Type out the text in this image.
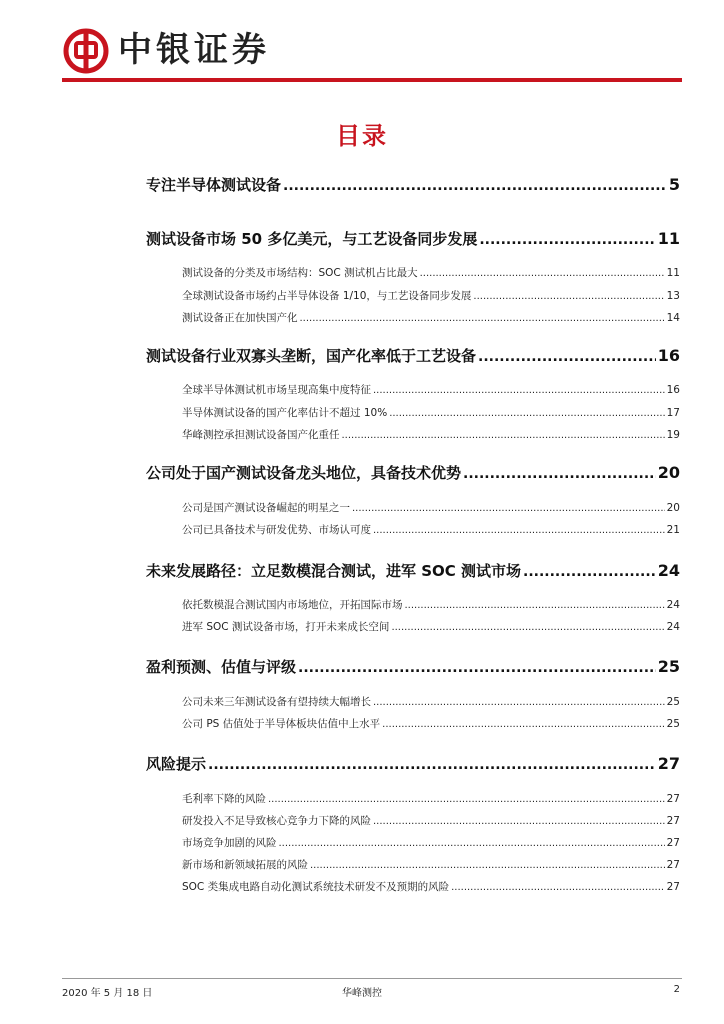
中银证券
目录
专注半导体测试设备 .....	5
测试设备市场 50 多亿美元，与工艺设备同步发展 .....	11
测试设备的分类及市场结构：SOC 测试机占比最大 .....	11
全球测试设备市场约占半导体设备 1/10，与工艺设备同步发展 .....	13
测试设备正在加快国产化 .....	14
测试设备行业双寡头垄断，国产化率低于工艺设备 .....	16
全球半导体测试机市场呈现高集中度特征 .....	16
半导体测试设备的国产化率估计不超过 10% .....	17
华峰测控承担测试设备国产化重任 .....	19
公司处于国产测试设备龙头地位，具备技术优势 .....	20
公司是国产测试设备崛起的明星之一 .....	20
公司已具备技术与研发优势、市场认可度 .....	21
未来发展路径：立足数模混合测试，进军 SOC 测试市场 .....	24
依托数模混合测试国内市场地位，开拓国际市场 .....	24
进军 SOC 测试设备市场，打开未来成长空间 .....	24
盈利预测、估值与评级 .....	25
公司未来三年测试设备有望持续大幅增长 .....	25
公司 PS 估值处于半导体板块估值中上水平 .....	25
风险提示 .....	27
毛利率下降的风险 .....	27
研发投入不足导致核心竞争力下降的风险 .....	27
市场竞争加剧的风险 .....	27
新市场和新领域拓展的风险 .....	27
SOC 类集成电路自动化测试系统技术研发不及预期的风险 .....	27
2020 年 5 月 18 日	华峰测控	2
